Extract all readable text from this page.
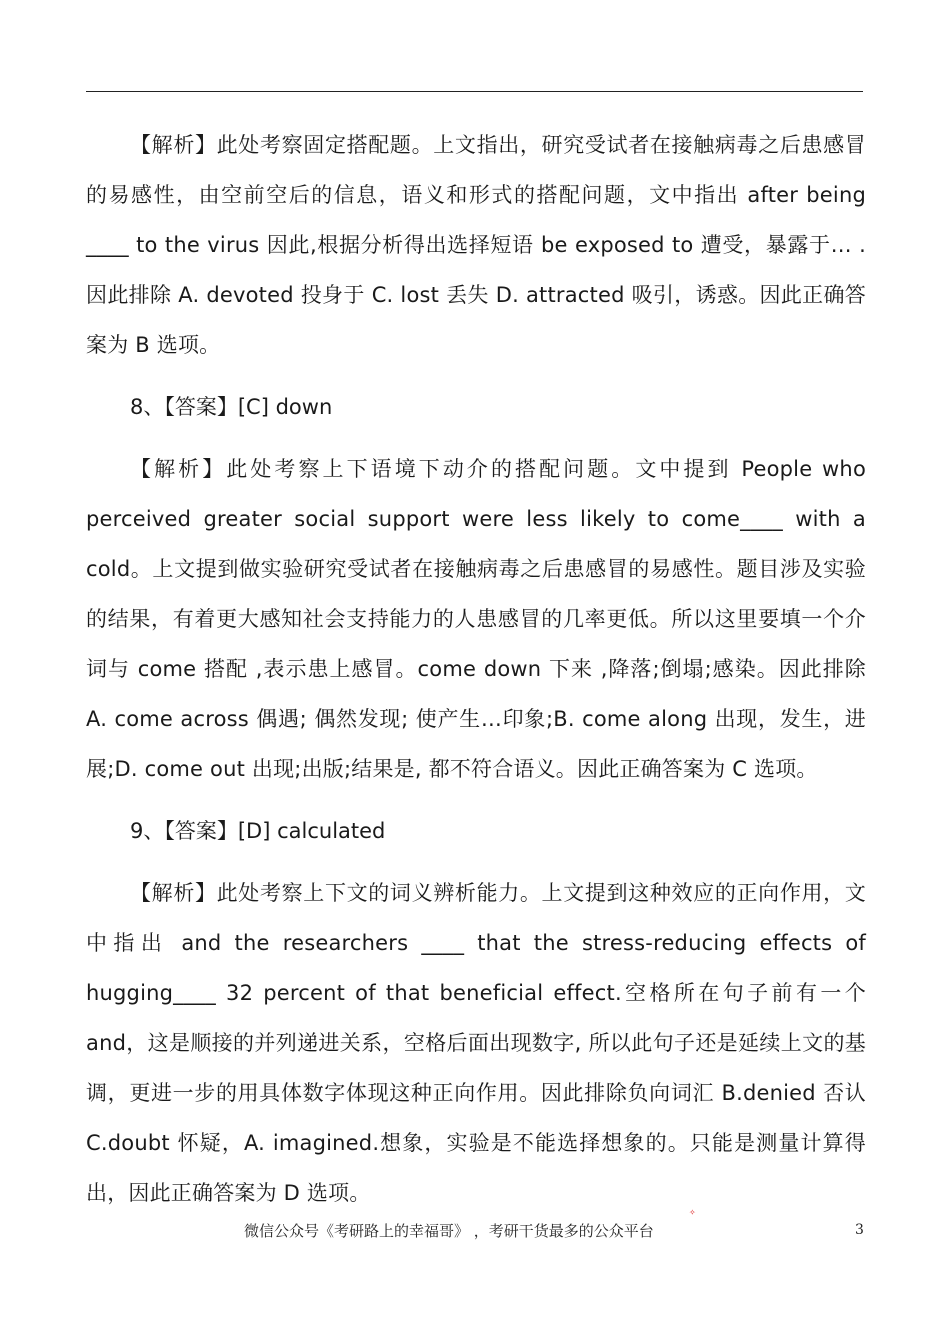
【解析】此处考察固定搭配题。上文指出，研究受试者在接触病毒之后患感冒的易感性，由空前空后的信息，语义和形式的搭配问题，文中指出 after being ____ to the virus 因此,根据分析得出选择短语 be exposed to 遭受，暴露于… .因此排除 A. devoted 投身于 C. lost 丢失 D. attracted 吸引，诱惑。因此正确答案为 B 选项。

8、【答案】[C] down

【解析】此处考察上下语境下动介的搭配问题。文中提到 People who perceived greater social support were less likely to come____ with a cold。上文提到做实验研究受试者在接触病毒之后患感冒的易感性。题目涉及实验的结果，有着更大感知社会支持能力的人患感冒的几率更低。所以这里要填一个介词与 come 搭配 ,表示患上感冒。come down 下来 ,降落;倒塌;感染。因此排除 A. come across 偶遇; 偶然发现; 使产生…印象;B. come along 出现，发生，进展;D. come out 出现;出版;结果是, 都不符合语义。因此正确答案为 C 选项。

9、【答案】[D] calculated

【解析】此处考察上下文的词义辨析能力。上文提到这种效应的正向作用，文中指出 and the researchers ____ that the stress-reducing effects of hugging____ 32 percent of that beneficial effect.空格所在句子前有一个 and，这是顺接的并列递进关系，空格后面出现数字, 所以此句子还是延续上文的基调，更进一步的用具体数字体现这种正向作用。因此排除负向词汇 B.denied 否认 C.doubt 怀疑，A. imagined.想象，实验是不能选择想象的。只能是测量计算得出，因此正确答案为 D 选项。

✧
微信公众号《考研路上的幸福哥》 ，考研干货最多的公众平台	3
